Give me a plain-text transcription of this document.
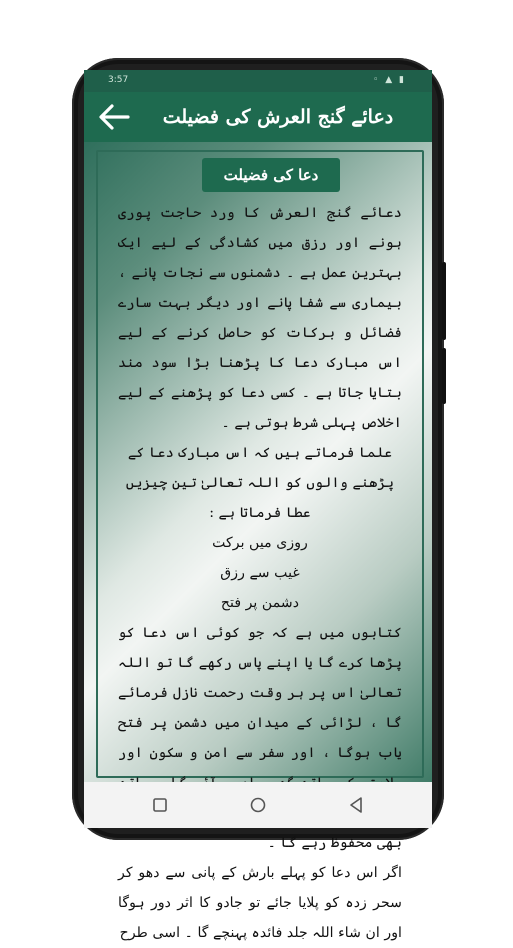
3:57	◦ ▲ ▮
دعائے گنج العرش کی فضیلت
دعا کی فضیلت

دعائے گنج العرش کا ورد حاجت پوری ہونے اور رزق میں کشادگی کے لیے ایک بہترین عمل ہے ۔ دشمنوں سے نجات پانے ، بیماری سے شفا پانے اور دیگر بہت سارے فضائل و برکات کو حاصل کرنے کے لیے اس مبارک دعا کا پڑھنا بڑا سود مند بتایا جاتا ہے ۔ کسی دعا کو پڑھنے کے لیے اخلاص پہلی شرط ہوتی ہے ۔

علما فرماتے ہیں کہ اس مبارک دعا کے پڑھنے والوں کو اللہ تعالیٰ تین چیزیں عطا فرماتا ہے :

روزی میں برکت

غیب سے رزق

دشمن پر فتح

کتابوں میں ہے کہ جو کوئی اس دعا کو پڑھا کرے گا یا اپنے پاس رکھے گا تو اللہ تعالیٰ اس پر ہر وقت رحمت نازل فرمائے گا ، لڑائی کے میدان میں دشمن پر فتح یاب ہوگا ، اور سفر سے امن و سکون اور بھی محفوظ رہے گا ۔

اگر اس دعا کو پہلے بارش کے پانی سے دھو کر سحر زدہ کو پلایا جائے تو جادو کا اثر دور ہوگا اور ان شاء اللہ جلد فائدہ پہنچے گا ۔ اسی طرح
